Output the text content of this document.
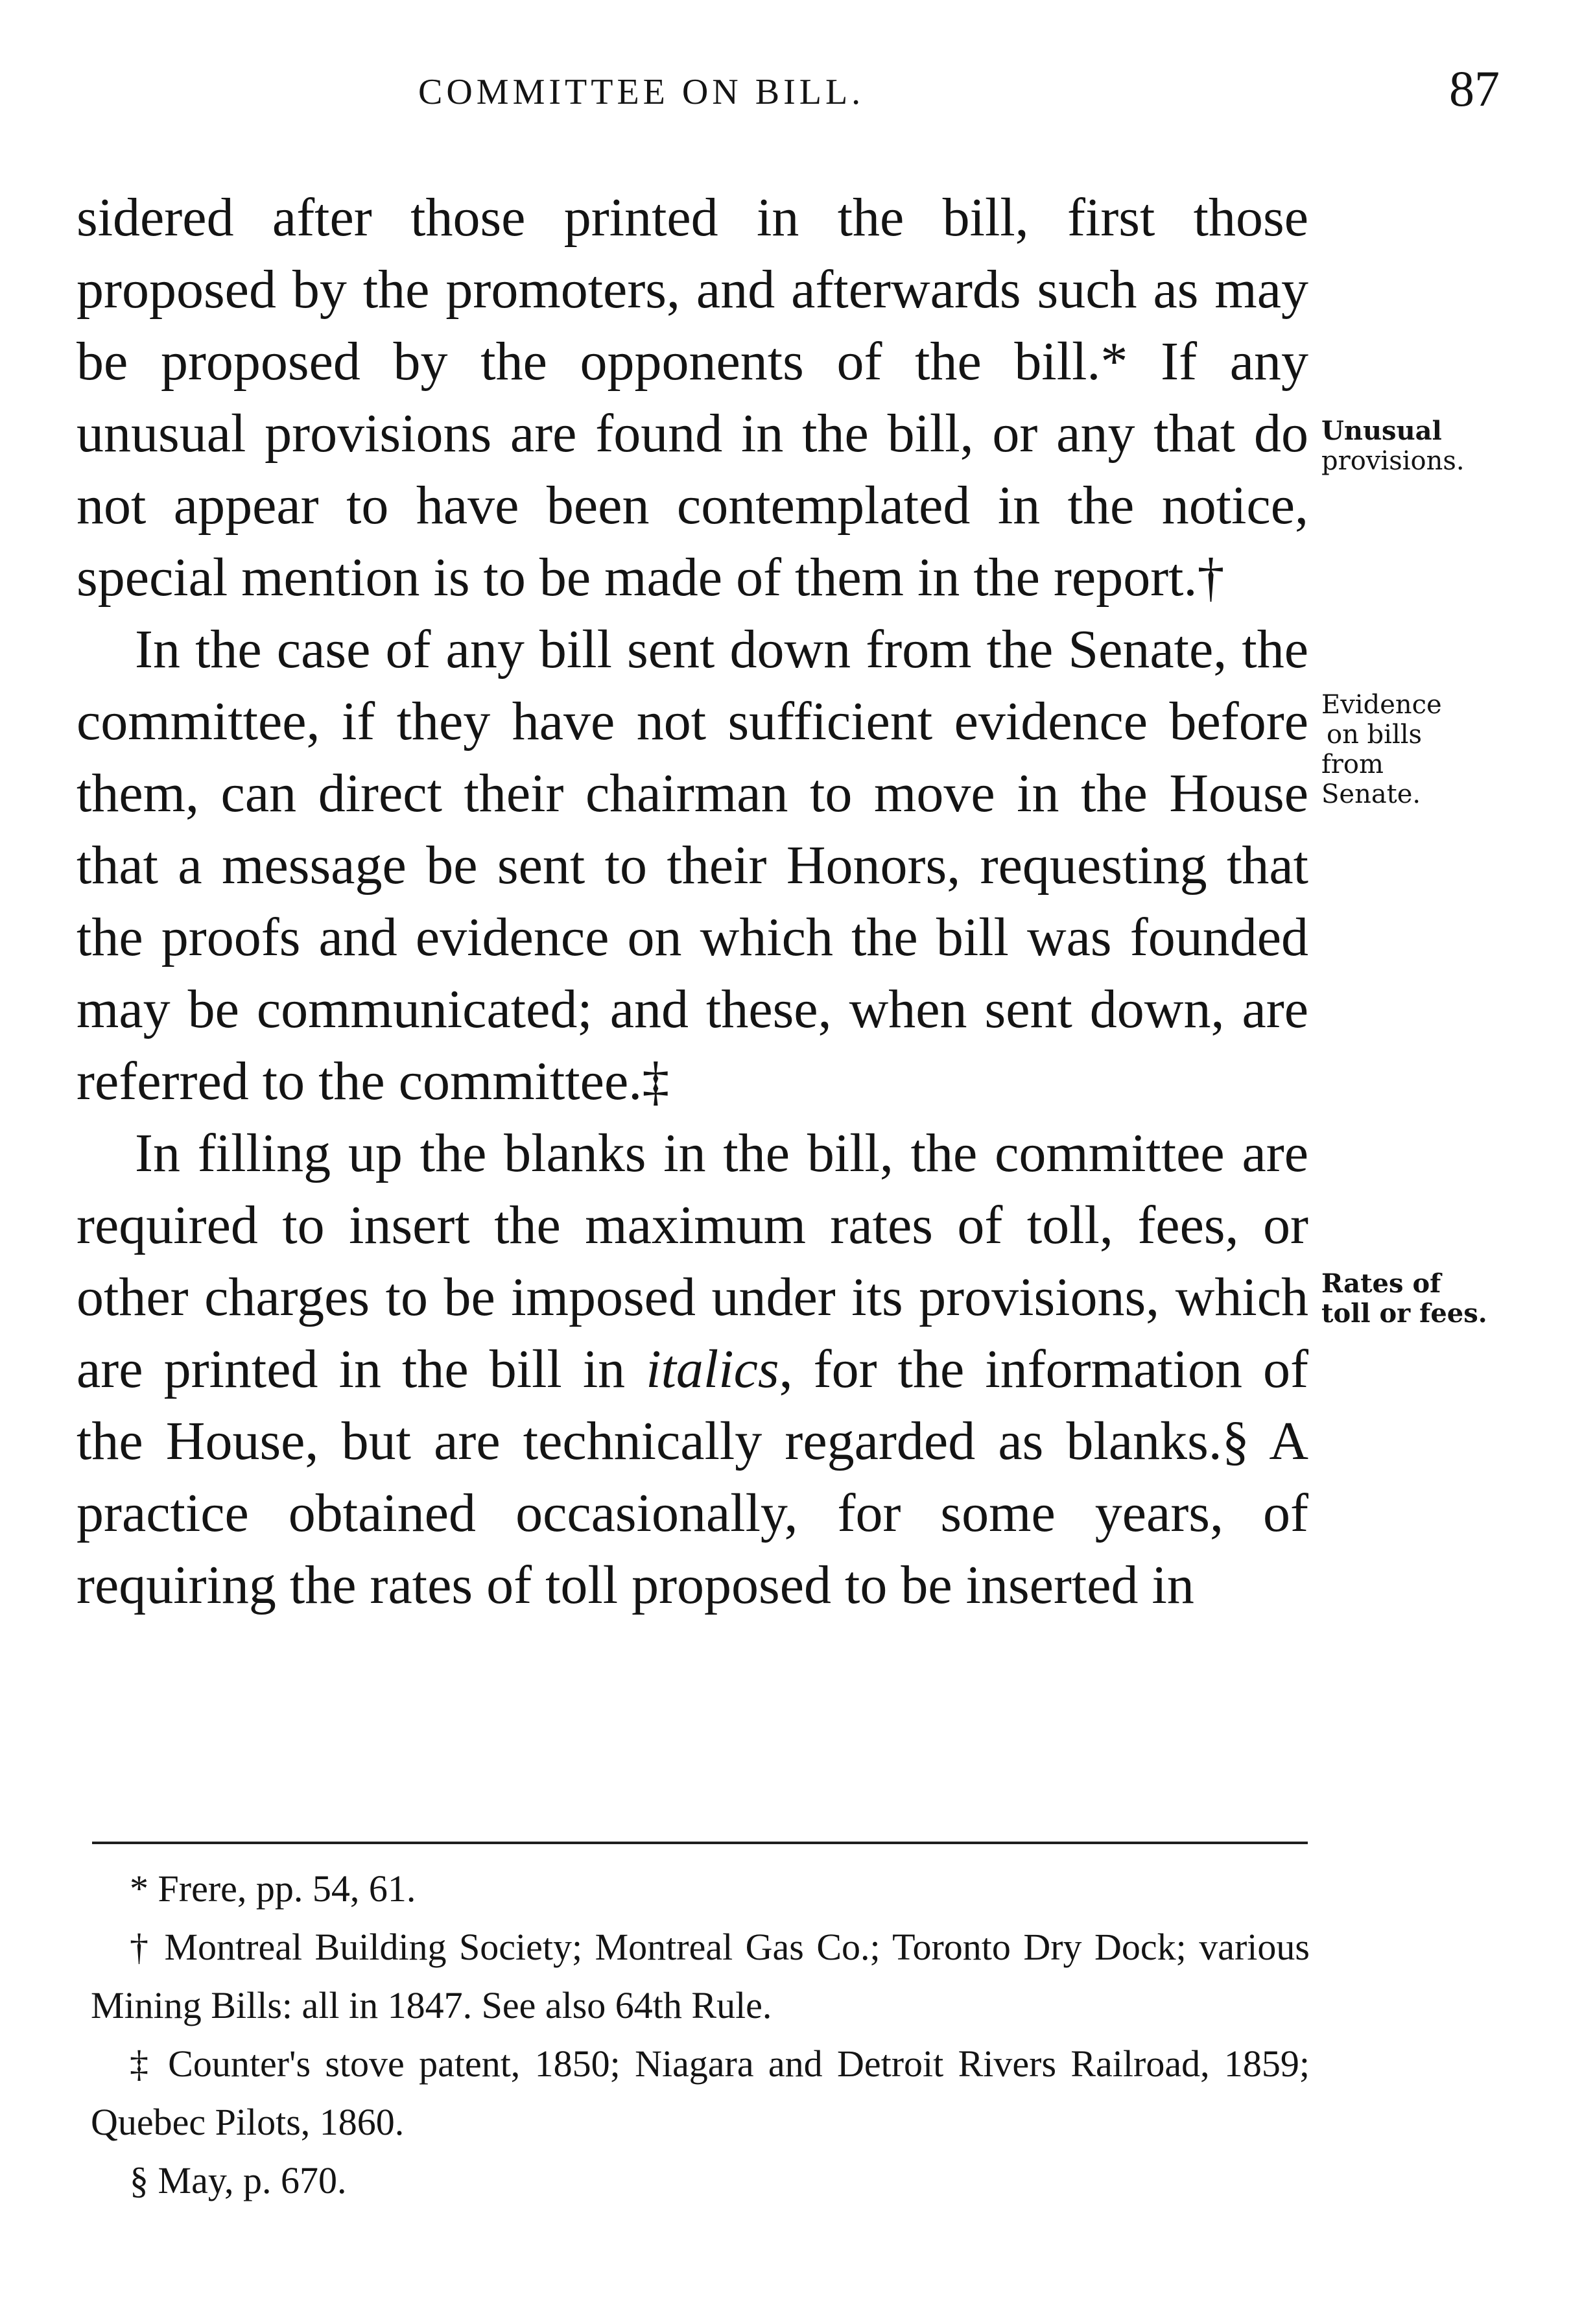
COMMITTEE ON BILL.	87

sidered after those printed in the bill, first those proposed by the promoters, and afterwards such as may be proposed by the opponents of the bill.* If any unusual provisions are found in the bill, or any that do not appear to have been contemplated in the notice, special mention is to be made of them in the report.†

In the case of any bill sent down from the Senate, the committee, if they have not sufficient evidence before them, can direct their chairman to move in the House that a message be sent to their Honors, requesting that the proofs and evidence on which the bill was founded may be communicated; and these, when sent down, are referred to the committee.‡

In filling up the blanks in the bill, the committee are required to insert the maximum rates of toll, fees, or other charges to be imposed under its provisions, which are printed in the bill in italics, for the information of the House, but are technically regarded as blanks.§ A practice obtained occasionally, for some years, of requiring the rates of toll proposed to be inserted in

Unusual
provisions.
Evidence
on bills
from
Senate.
Rates of
toll or fees.

* Frere, pp. 54, 61.

† Montreal Building Society; Montreal Gas Co.; Toronto Dry Dock; various Mining Bills: all in 1847. See also 64th Rule.

‡ Counter's stove patent, 1850; Niagara and Detroit Rivers Railroad, 1859; Quebec Pilots, 1860.

§ May, p. 670.
